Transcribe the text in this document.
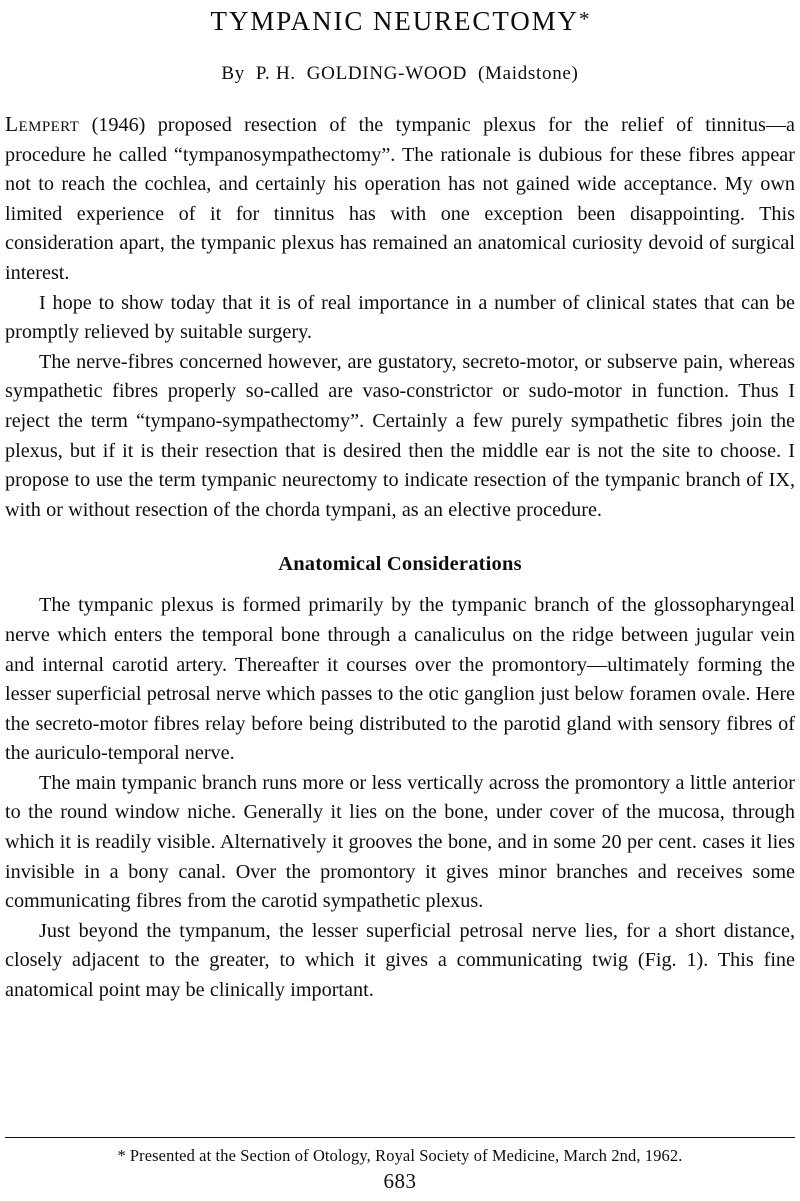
TYMPANIC NEURECTOMY*
By  P. H.  GOLDING-WOOD  (Maidstone)

Lempert (1946) proposed resection of the tympanic plexus for the relief of tinnitus—a procedure he called “tympanosympathectomy”. The rationale is dubious for these fibres appear not to reach the cochlea, and certainly his operation has not gained wide acceptance. My own limited experience of it for tinnitus has with one exception been disappointing. This consideration apart, the tympanic plexus has remained an anatomical curiosity devoid of surgical interest.

I hope to show today that it is of real importance in a number of clinical states that can be promptly relieved by suitable surgery.

The nerve-fibres concerned however, are gustatory, secreto-motor, or subserve pain, whereas sympathetic fibres properly so-called are vaso-constrictor or sudo-motor in function. Thus I reject the term “tympano-sympathectomy”. Certainly a few purely sympathetic fibres join the plexus, but if it is their resection that is desired then the middle ear is not the site to choose. I propose to use the term tympanic neurectomy to indicate resection of the tympanic branch of IX, with or without resection of the chorda tympani, as an elective procedure.

Anatomical Considerations

The tympanic plexus is formed primarily by the tympanic branch of the glossopharyngeal nerve which enters the temporal bone through a canaliculus on the ridge between jugular vein and internal carotid artery. Thereafter it courses over the promontory—ultimately forming the lesser superficial petrosal nerve which passes to the otic ganglion just below foramen ovale. Here the secreto-motor fibres relay before being distributed to the parotid gland with sensory fibres of the auriculo-temporal nerve.

The main tympanic branch runs more or less vertically across the promontory a little anterior to the round window niche. Generally it lies on the bone, under cover of the mucosa, through which it is readily visible. Alternatively it grooves the bone, and in some 20 per cent. cases it lies invisible in a bony canal. Over the promontory it gives minor branches and receives some communicating fibres from the carotid sympathetic plexus.

Just beyond the tympanum, the lesser superficial petrosal nerve lies, for a short distance, closely adjacent to the greater, to which it gives a communicating twig (Fig. 1). This fine anatomical point may be clinically important.

* Presented at the Section of Otology, Royal Society of Medicine, March 2nd, 1962.
683
